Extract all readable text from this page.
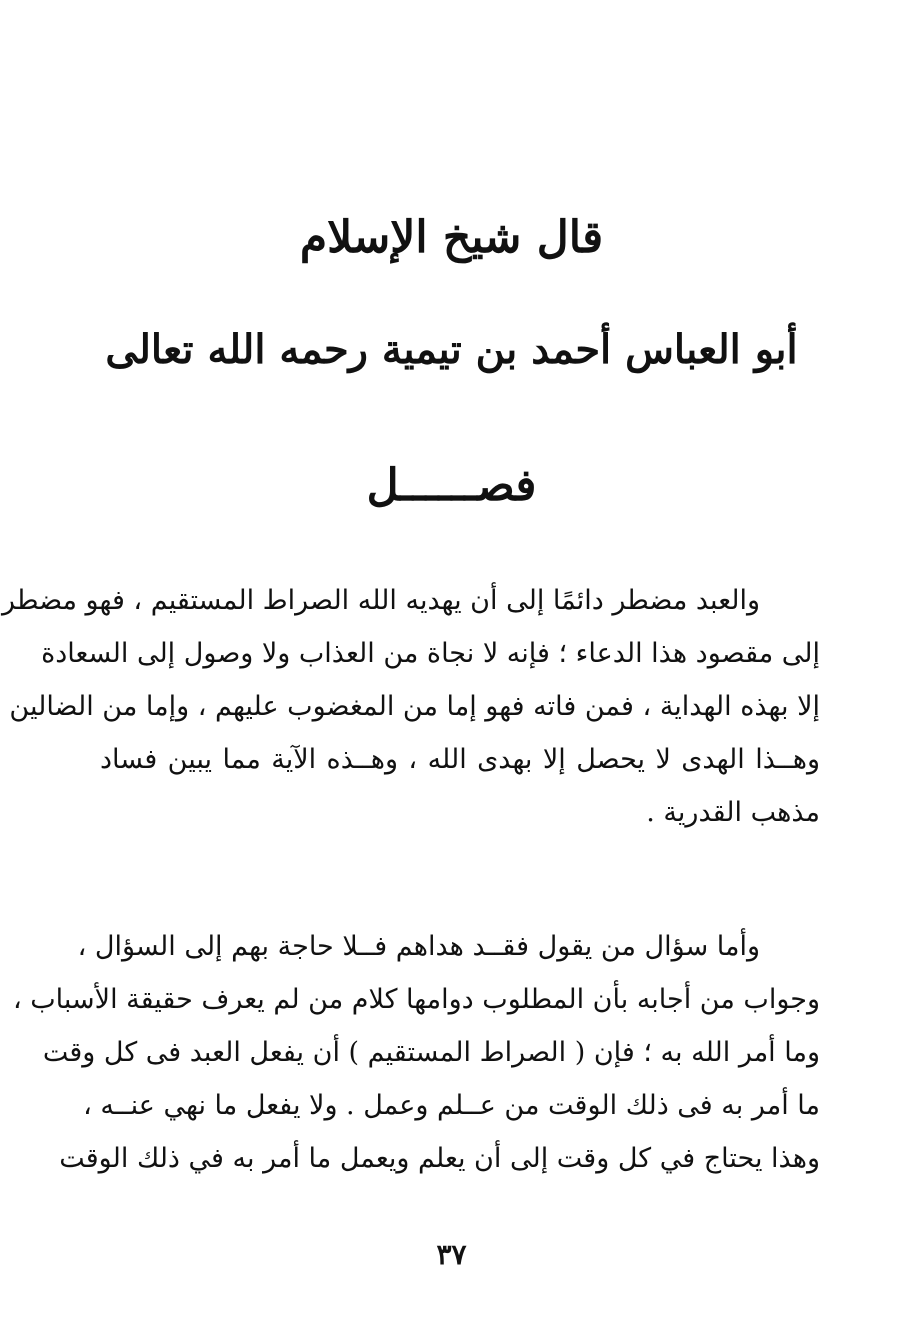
قال شيخ الإسلام
أبو العباس أحمد بن تيمية رحمه الله تعالى
فصــــــل
والعبد مضطر دائمًا إلى أن يهديه الله الصراط المستقيم ، فهو مضطر
إلى مقصود هذا الدعاء ؛ فإنه لا نجاة من العذاب ولا وصول إلى السعادة
إلا بهذه الهداية ، فمن فاته فهو إما من المغضوب عليهم ، وإما من الضالين
وهــذا الهدى لا يحصل إلا بهدى الله ، وهــذه الآية مما يبين فساد
مذهب القدرية .
وأما سؤال من يقول فقــد هداهم فــلا حاجة بهم إلى السؤال ،
وجواب من أجابه بأن المطلوب دوامها كلام من لم يعرف حقيقة الأسباب ،
وما أمر الله به ؛ فإن ( الصراط المستقيم ) أن يفعل العبد فى كل وقت
ما أمر به فى ذلك الوقت من عــلم وعمل . ولا يفعل ما نهي عنــه ،
وهذا يحتاج في كل وقت إلى أن يعلم ويعمل ما أمر به في ذلك الوقت
٣٧
